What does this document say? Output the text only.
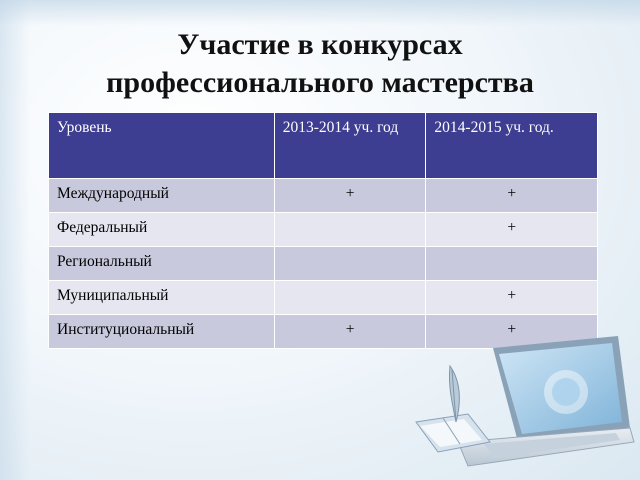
Участие в конкурсах
профессионального мастерства
Уровень	2013-2014 уч. год	2014-2015 уч. год.
Международный	+	+
Федеральный		+
Региональный		
Муниципальный		+
Институциональный	+	+
